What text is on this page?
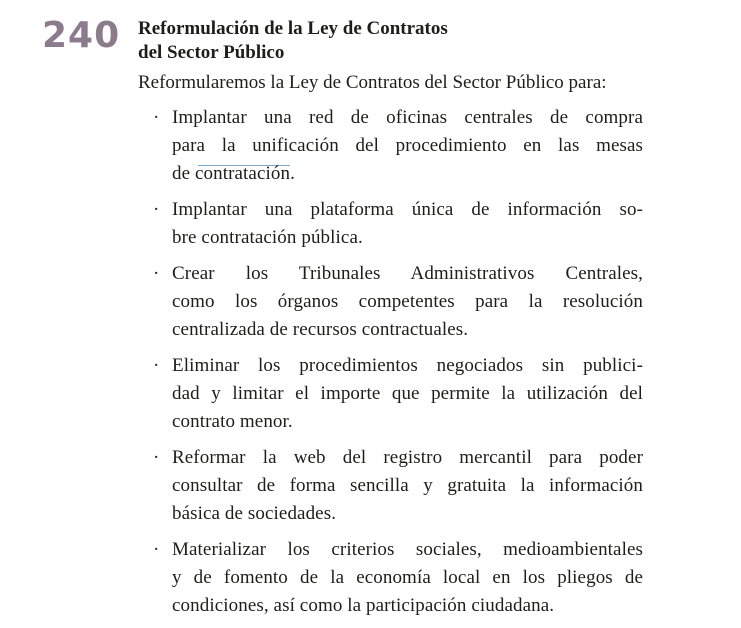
240 Reformulación de la Ley de Contratos
del Sector Público
Reformularemos la Ley de Contratos del Sector Público para:
· Implantar una red de oficinas centrales de compra
para la unificación del procedimiento en las mesas
de contratación.
· Implantar una plataforma única de información so-
bre contratación pública.
· Crear los Tribunales Administrativos Centrales,
como los órganos competentes para la resolución
centralizada de recursos contractuales.
· Eliminar los procedimientos negociados sin publici-
dad y limitar el importe que permite la utilización del
contrato menor.
· Reformar la web del registro mercantil para poder
consultar de forma sencilla y gratuita la información
básica de sociedades.
· Materializar los criterios sociales, medioambientales
y de fomento de la economía local en los pliegos de
condiciones, así como la participación ciudadana.
